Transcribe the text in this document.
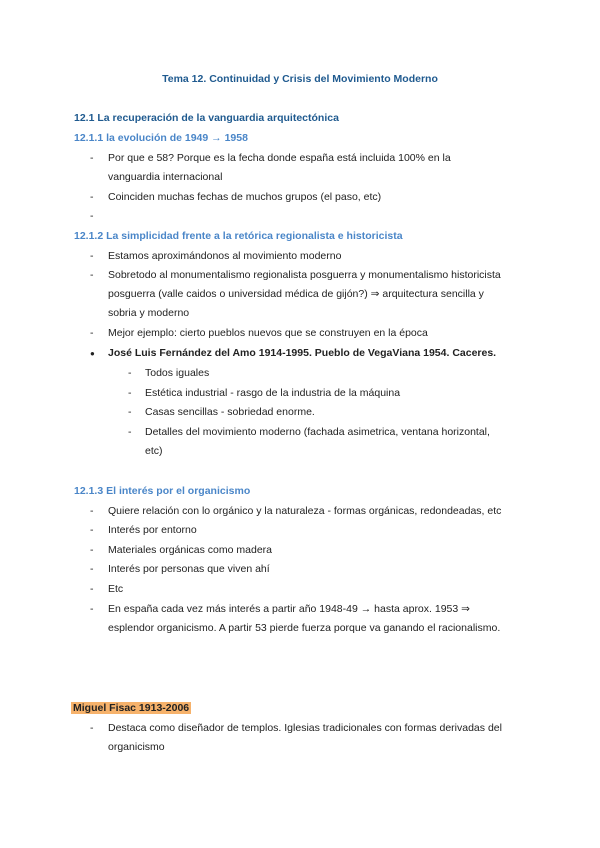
Tema 12. Continuidad y Crisis del Movimiento Moderno
12.1 La recuperación de la vanguardia arquitectónica
12.1.1 la evolución de 1949 → 1958
- Por que e 58? Porque es la fecha donde españa está incluida 100% en la
vanguardia internacional
- Coinciden muchas fechas de muchos grupos (el paso, etc)
-
12.1.2 La simplicidad frente a la retórica regionalista e historicista
- Estamos aproximándonos al movimiento moderno
- Sobretodo al monumentalismo regionalista posguerra y monumentalismo historicista
posguerra (valle caidos o universidad médica de gijón?) ⇒ arquitectura sencilla y
sobria y moderno
- Mejor ejemplo: cierto pueblos nuevos que se construyen en la época
● José Luis Fernández del Amo 1914-1995. Pueblo de VegaViana 1954. Caceres.
- Todos iguales
- Estética industrial - rasgo de la industria de la máquina
- Casas sencillas - sobriedad enorme.
- Detalles del movimiento moderno (fachada asimetrica, ventana horizontal,
etc)
12.1.3 El interés por el organicismo
- Quiere relación con lo orgánico y la naturaleza - formas orgánicas, redondeadas, etc
- Interés por entorno
- Materiales orgánicas como madera
- Interés por personas que viven ahí
- Etc
- En españa cada vez más interés a partir año 1948-49 → hasta aprox. 1953 ⇒
esplendor organicismo. A partir 53 pierde fuerza porque va ganando el racionalismo.
Miguel Fisac 1913-2006
- Destaca como diseñador de templos. Iglesias tradicionales con formas derivadas del
organicismo
